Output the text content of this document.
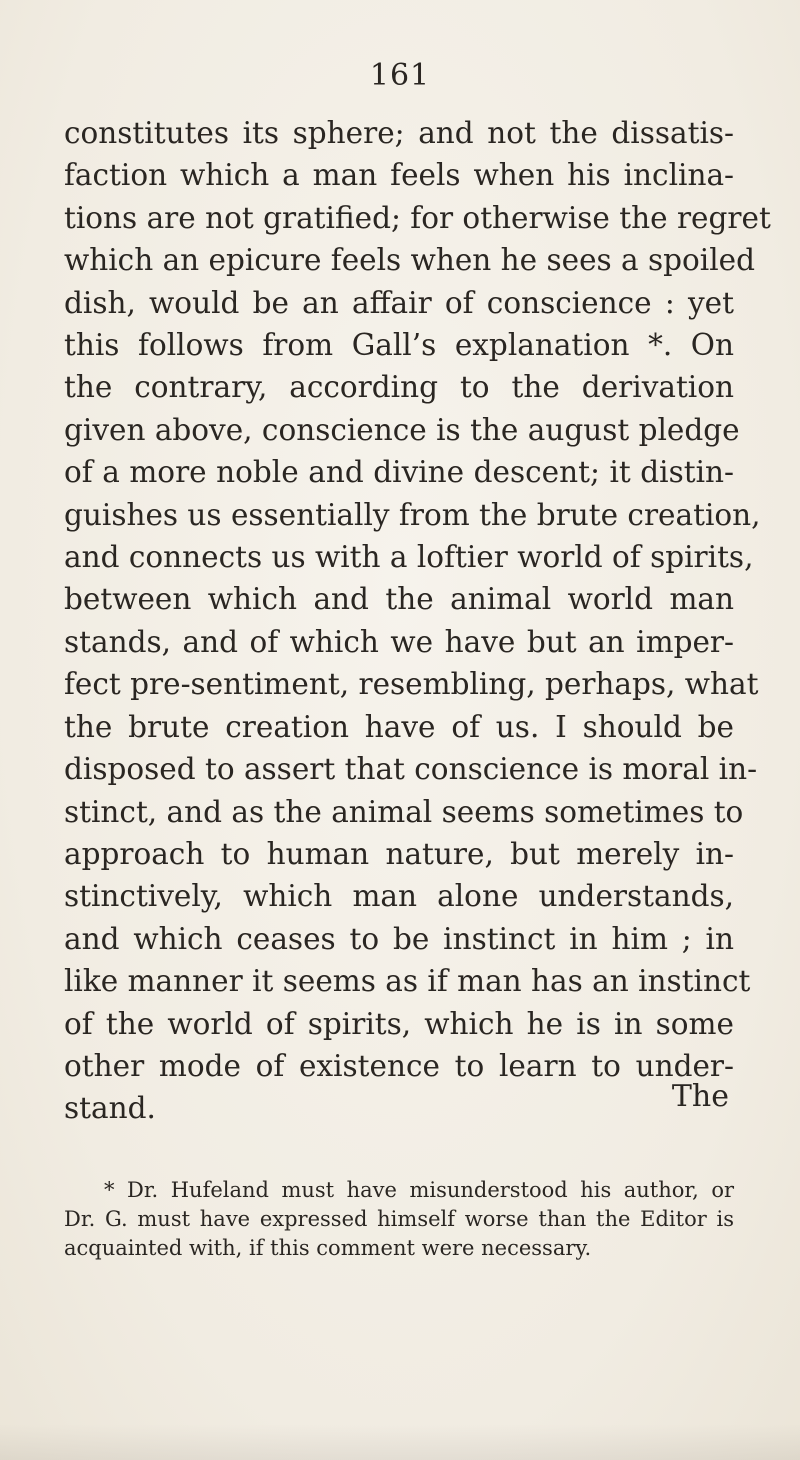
161
constitutes its sphere; and not the dissatis-
faction which a man feels when his inclina-
tions are not gratified; for otherwise the regret
which an epicure feels when he sees a spoiled
dish, would be an affair of conscience : yet
this follows from Gall’s explanation *. On
the contrary, according to the derivation
given above, conscience is the august pledge
of a more noble and divine descent; it distin-
guishes us essentially from the brute creation,
and connects us with a loftier world of spirits,
between which and the animal world man
stands, and of which we have but an imper-
fect pre-sentiment, resembling, perhaps, what
the brute creation have of us. I should be
disposed to assert that conscience is moral in-
stinct, and as the animal seems sometimes to
approach to human nature, but merely in-
stinctively, which man alone understands,
and which ceases to be instinct in him ; in
like manner it seems as if man has an instinct
of the world of spirits, which he is in some
other mode of existence to learn to under-
stand.	The
* Dr. Hufeland must have misunderstood his author, or
Dr. G. must have expressed himself worse than the Editor is
acquainted with, if this comment were necessary.
